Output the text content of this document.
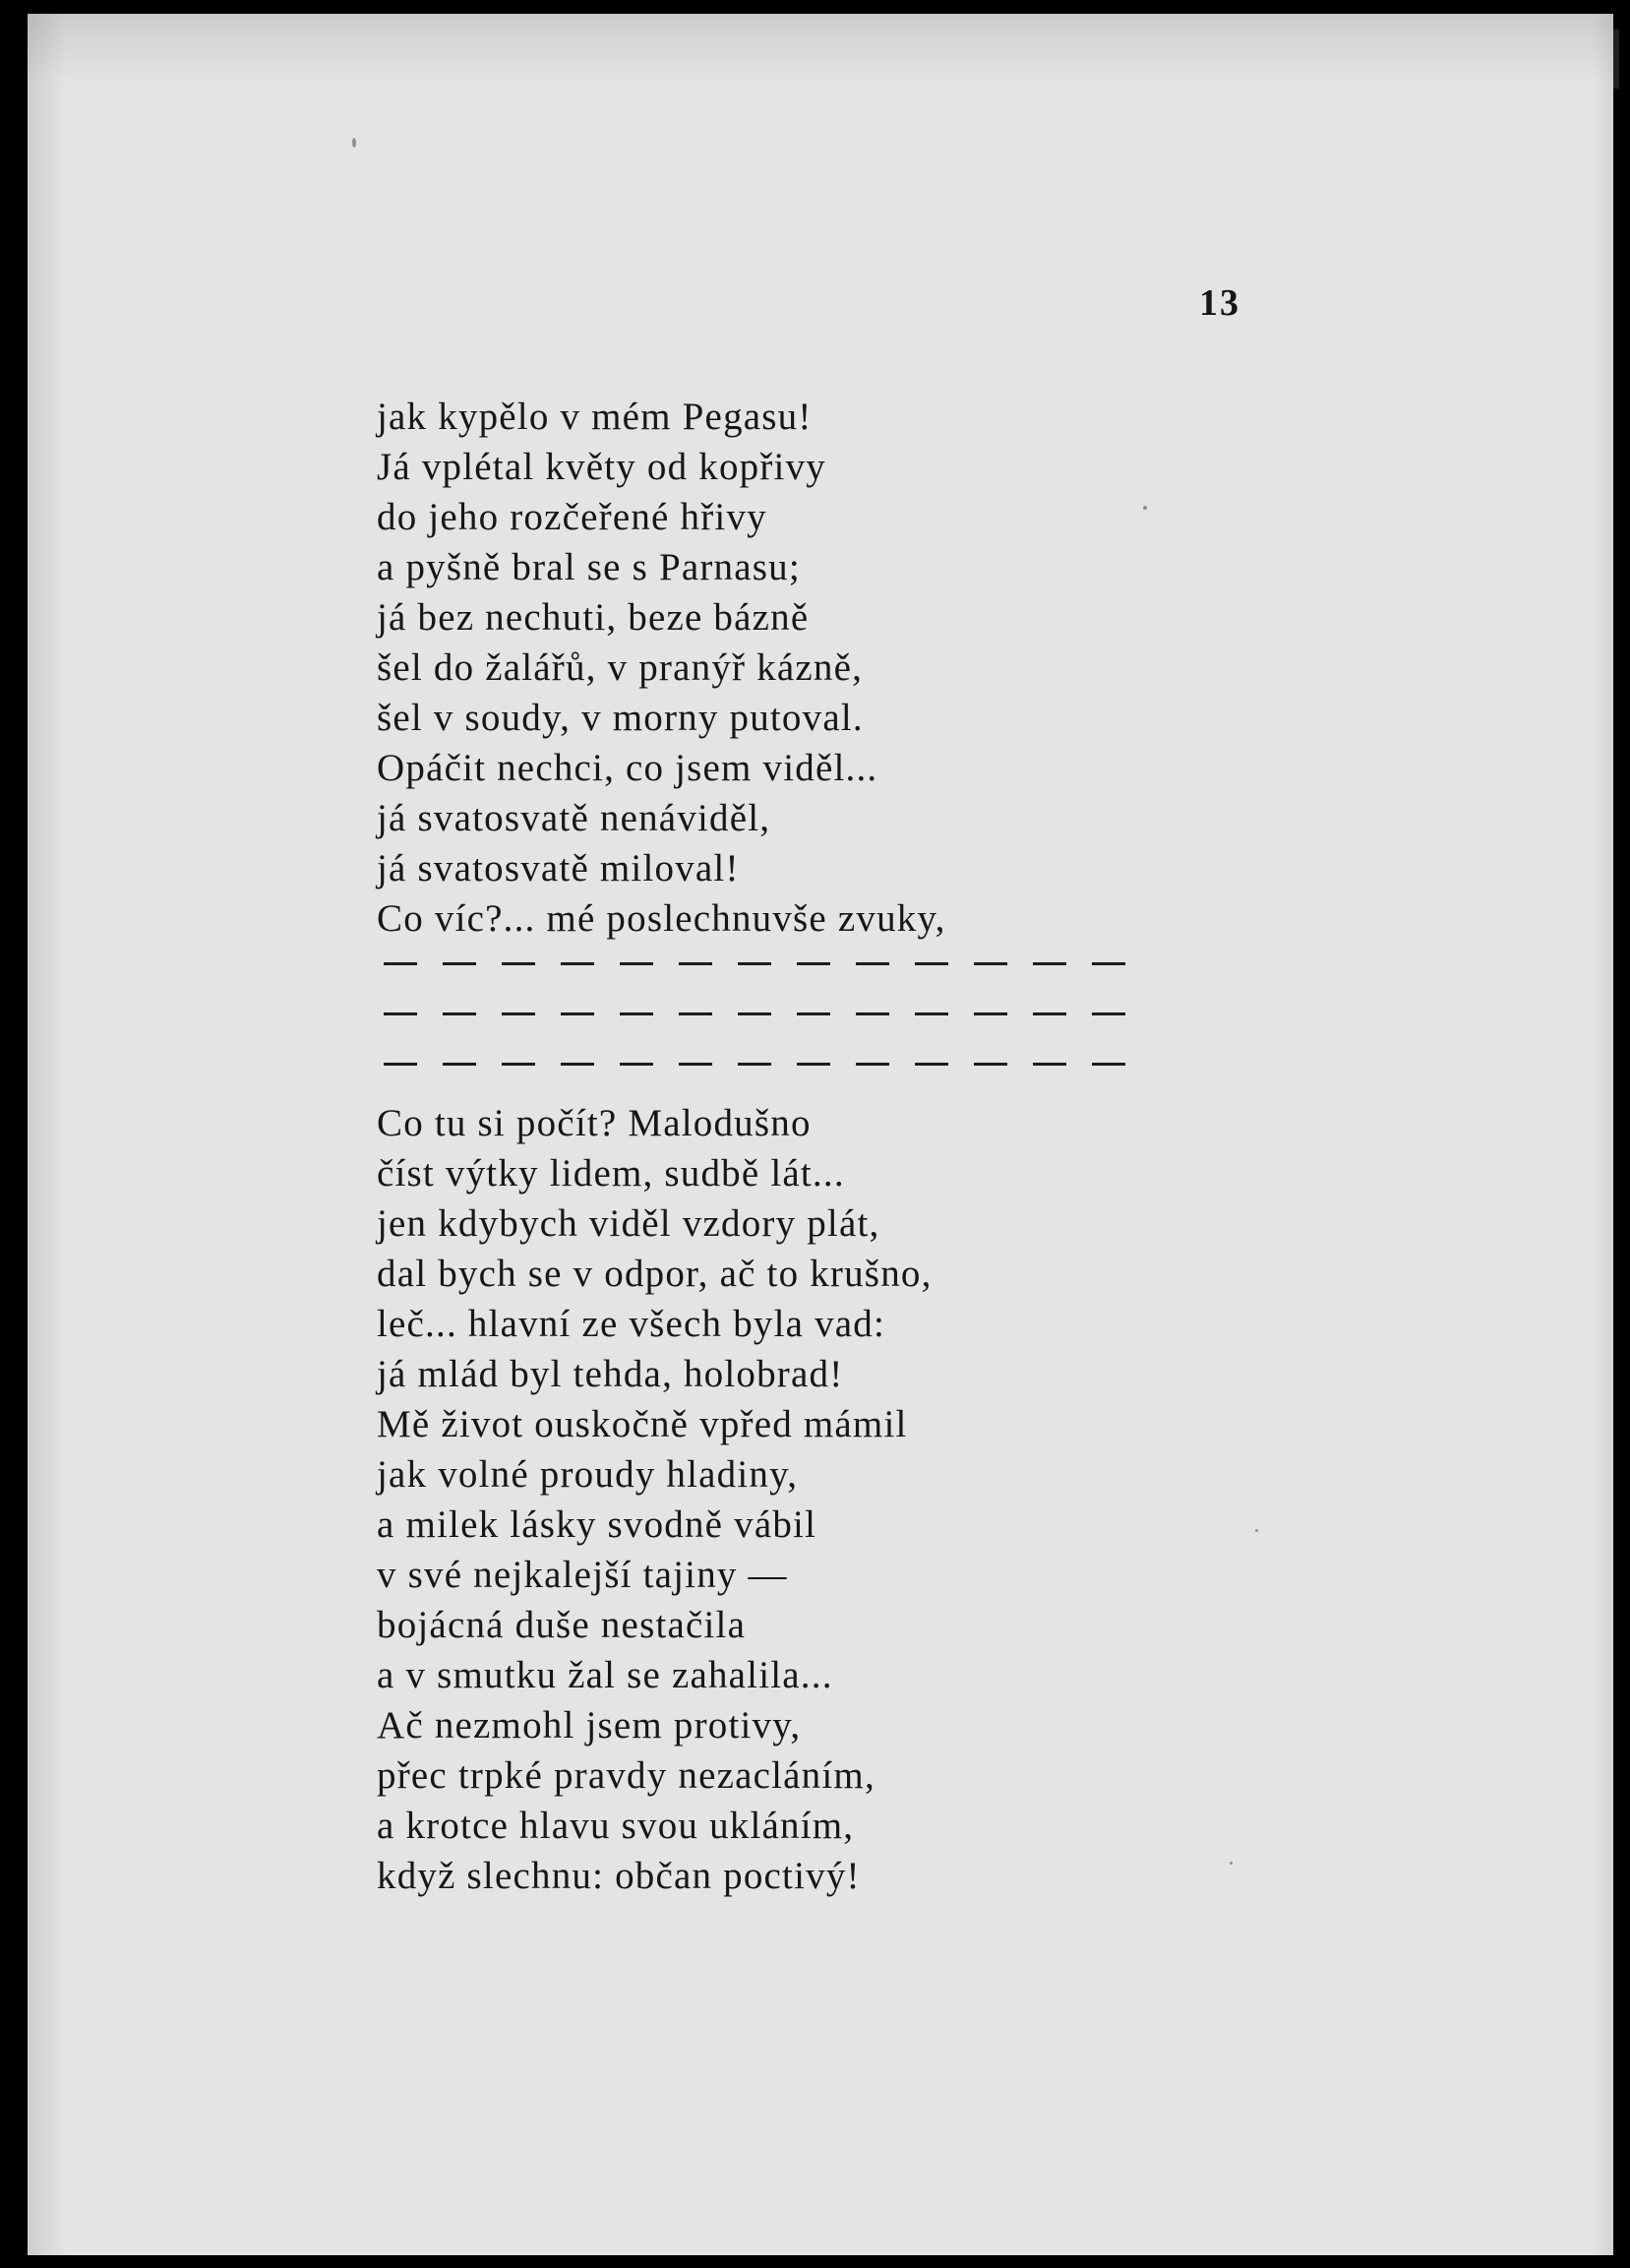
13
jak kypělo v mém Pegasu!
Já vplétal květy od kopřivy
do jeho rozčeřené hřivy
a pyšně bral se s Parnasu;
já bez nechuti, beze bázně
šel do žalářů, v pranýř kázně,
šel v soudy, v morny putoval.
Opáčit nechci, co jsem viděl...
já svatosvatě nenáviděl,
já svatosvatě miloval!
Co víc?... mé poslechnuvše zvuky,
Co tu si počít? Malodušno
číst výtky lidem, sudbě lát...
jen kdybych viděl vzdory plát,
dal bych se v odpor, ač to krušno,
leč... hlavní ze všech byla vad:
já mlád byl tehda, holobrad!
Mě život ouskočně vpřed mámil
jak volné proudy hladiny,
a milek lásky svodně vábil
v své nejkalejší tajiny —
bojácná duše nestačila
a v smutku žal se zahalila...
Ač nezmohl jsem protivy,
přec trpké pravdy nezacláním,
a krotce hlavu svou ukláním,
když slechnu: občan poctivý!
